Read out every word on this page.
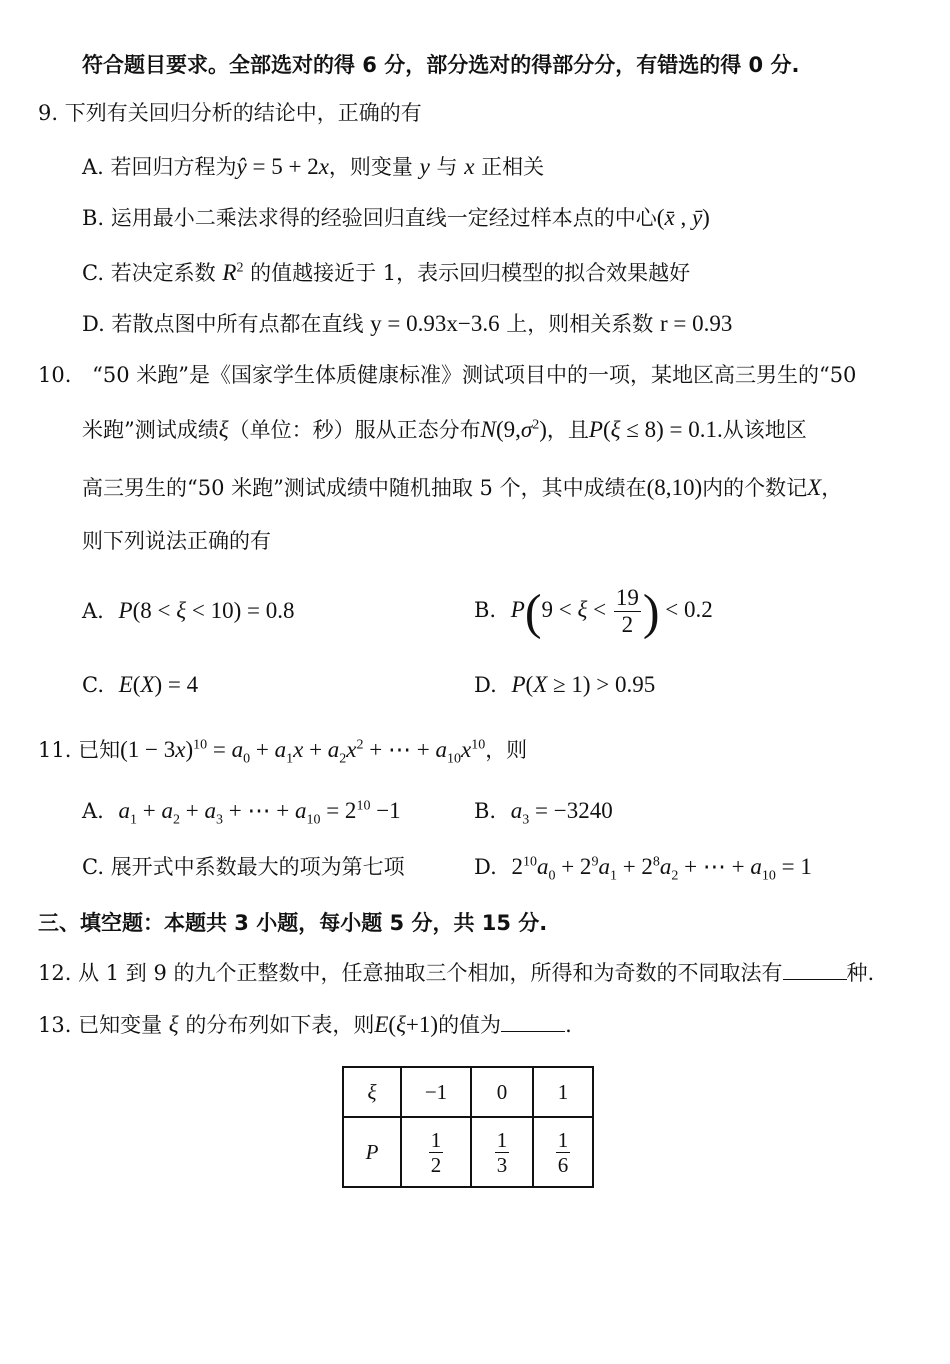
符合题目要求。全部选对的得 6 分，部分选对的得部分分，有错选的得 0 分.
9. 下列有关回归分析的结论中，正确的有
A. 若回归方程为ŷ = 5 + 2x，则变量 y 与 x 正相关
B. 运用最小二乘法求得的经验回归直线一定经过样本点的中心(x̄ , ȳ)
C. 若决定系数 $R^2$ 的值越接近于 1，表示回归模型的拟合效果越好
D. 若散点图中所有点都在直线 y = 0.93x−3.6 上，则相关系数 r = 0.93
10. “50 米跑”是《国家学生体质健康标准》测试项目中的一项，某地区高三男生的“50
米跑”测试成绩ξ（单位：秒）服从正态分布$N(9,\sigma^2)$，且P(ξ ≤ 8) = 0.1.从该地区
高三男生的“50 米跑”测试成绩中随机抽取 5 个，其中成绩在(8,10)内的个数记X，
则下列说法正确的有
A. P(8 < ξ < 10) = 0.8	B. $P(9 < \xi < \frac{19}{2}$ ) < 0.2
C. E(X) = 4	D. P(X ≥ 1) > 0.95
11. 已知$(1 - 3x)^{10} = a_0 + a_1x + a_2x^2$ + ⋯ + $a_{10}x^{10}$，则
A. $a_1 + a_2 + a_3$ + ⋯ + $a_{10} = 2^{10} -1$	B. $a_3 = -3240$
C. 展开式中系数最大的项为第七项	D. $2^{10}a_0 + 2^9a_1 + 2^8a_2$ + ⋯ + $a_{10} = 1$
三、填空题：本题共 3 小题，每小题 5 分，共 15 分.
12. 从 1 到 9 的九个正整数中，任意抽取三个相加，所得和为奇数的不同取法有	种.
13. 已知变量 ξ 的分布列如下表，则E(ξ+1)的值为	.
ξ	−1	0	1
P	$\frac{1}{2}$	$\frac{1}{3}$	$\frac{1}{6}$
